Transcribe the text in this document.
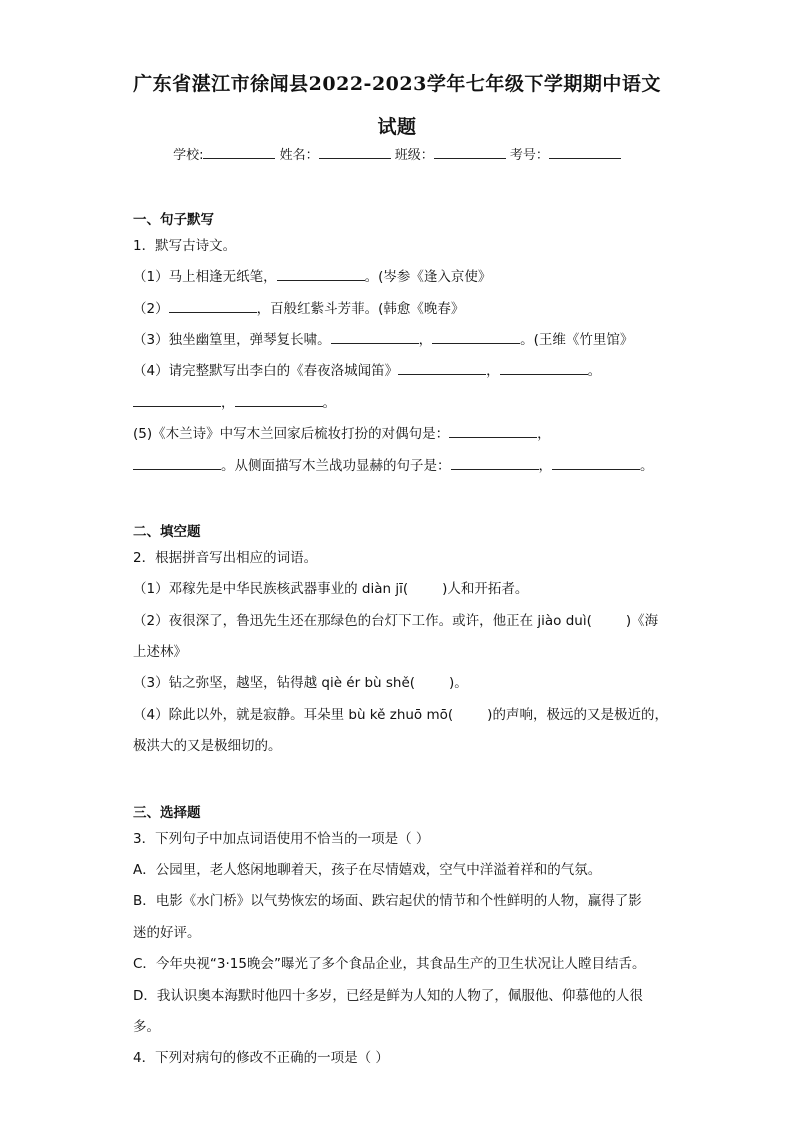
广东省湛江市徐闻县2022-2023学年七年级下学期期中语文
试题
学校:	姓名：	班级：	考号：
一、句子默写
1．默写古诗文。
（1）马上相逢无纸笔，	。(岑参《逢入京使》
（2）	，百般红紫斗芳菲。(韩愈《晚春》
（3）独坐幽篁里，弹琴复长啸。	，	。(王维《竹里馆》
（4）请完整默写出李白的《春夜洛城闻笛》	，	。
，	。
(5)《木兰诗》中写木兰回家后梳妆打扮的对偶句是：	，
。从侧面描写木兰战功显赫的句子是：	，	。
二、填空题
2．根据拼音写出相应的词语。
（1）邓稼先是中华民族核武器事业的 diàn jī(	)人和开拓者。
（2）夜很深了，鲁迅先生还在那绿色的台灯下工作。或许，他正在 jiào duì(	)《海
上述林》
（3）钻之弥坚，越坚，钻得越 qiè ér bù shě(	)。
（4）除此以外，就是寂静。耳朵里 bù kě zhuō mō(	)的声响，极远的又是极近的，
极洪大的又是极细切的。
三、选择题
3．下列句子中加点词语使用不恰当的一项是（ ）
A．公园里，老人悠闲地聊着天，孩子在尽情嬉戏，空气中洋溢着祥和的气氛。
B．电影《水门桥》以气势恢宏的场面、跌宕起伏的情节和个性鲜明的人物，赢得了影
迷的好评。
C．今年央视“3·15晚会”曝光了多个食品企业，其食品生产的卫生状况让人瞠目结舌。
D．我认识奥本海默时他四十多岁，已经是鲜为人知的人物了，佩服他、仰慕他的人很
多。
4．下列对病句的修改不正确的一项是（ ）
